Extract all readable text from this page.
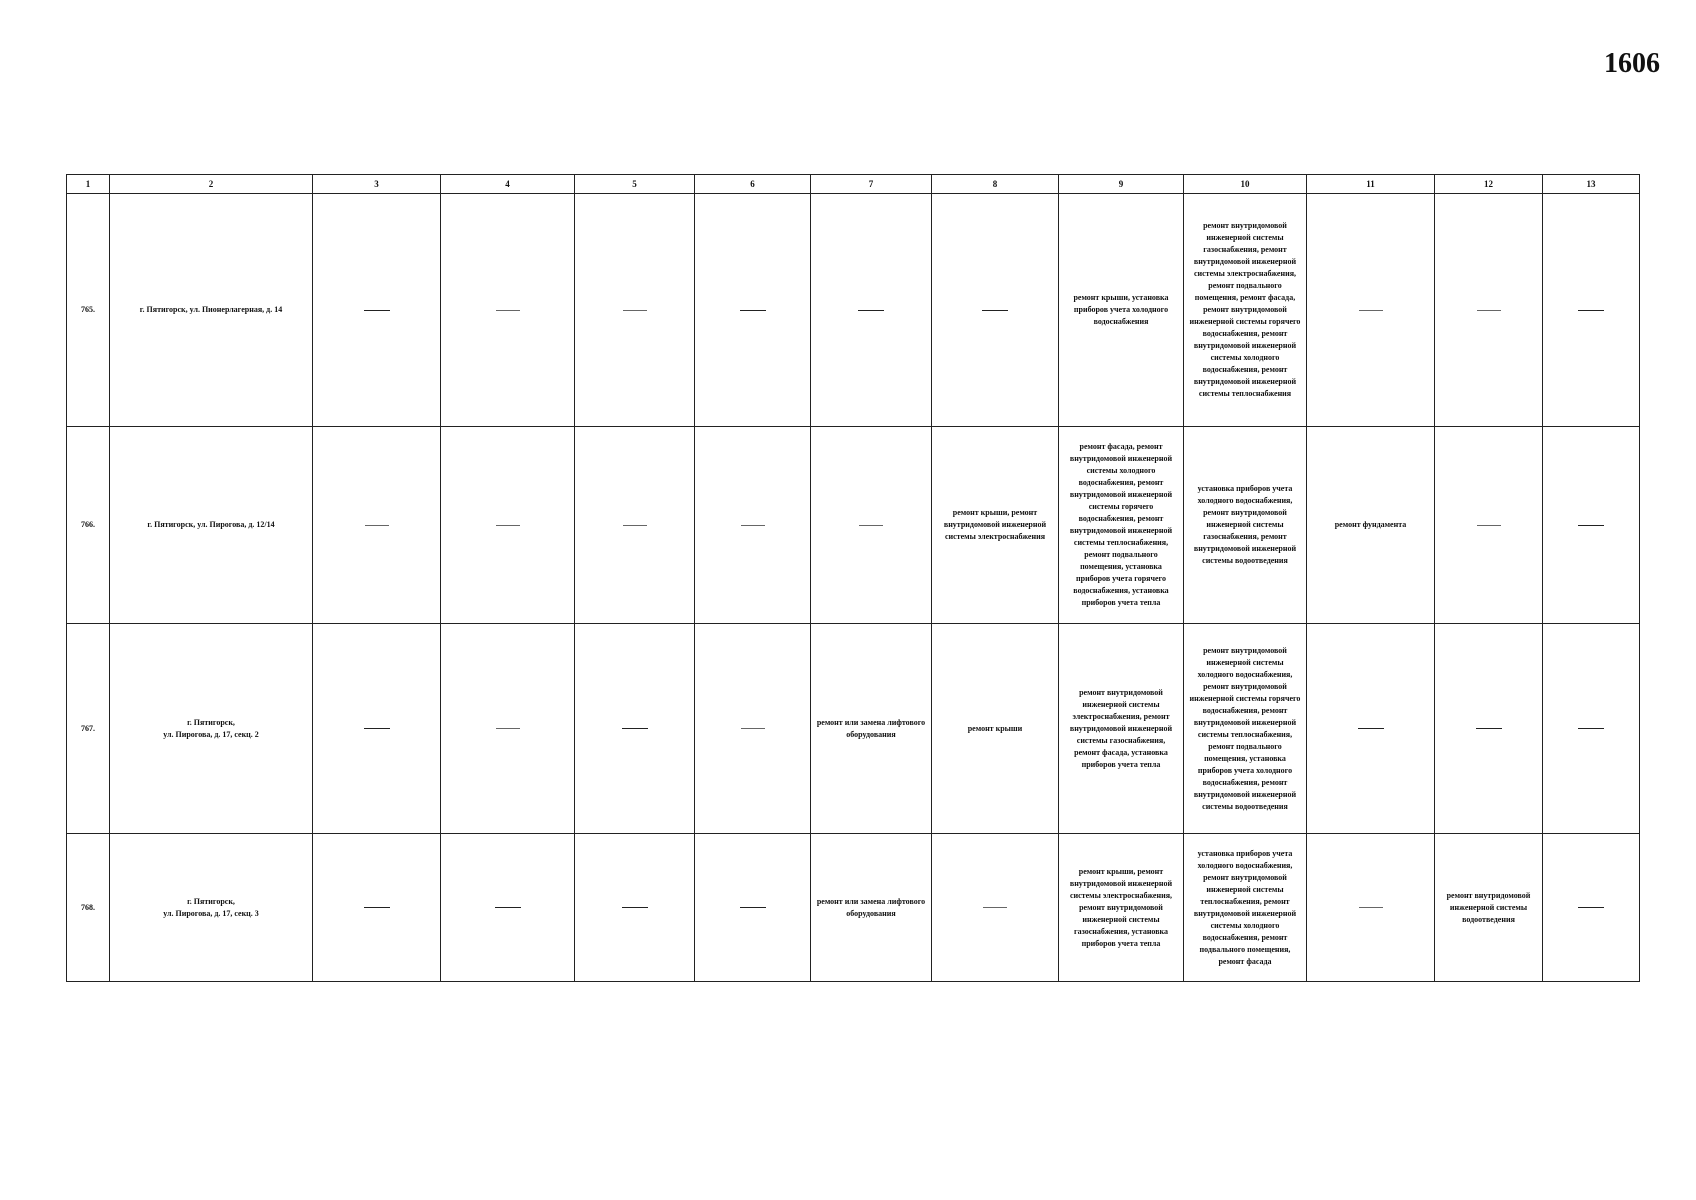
1606
1	2	3	4	5	6	7	8	9	10	11	12	13
765.	г. Пятигорск, ул. Пионерлагерная, д. 14							ремонт крыши, установка приборов учета холодного водоснабжения	ремонт внутридомовой инженерной системы газоснабжения, ремонт внутридомовой инженерной системы электроснабжения, ремонт подвального помещения, ремонт фасада, ремонт внутридомовой инженерной системы горячего водоснабжения, ремонт внутридомовой инженерной системы холодного водоснабжения, ремонт внутридомовой инженерной системы теплоснабжения			

766.	г. Пятигорск, ул. Пирогова, д. 12/14						ремонт крыши, ремонт внутридомовой инженерной системы электроснабжения	ремонт фасада, ремонт внутридомовой инженерной системы холодного водоснабжения, ремонт внутридомовой инженерной системы горячего водоснабжения, ремонт внутридомовой инженерной системы теплоснабжения, ремонт подвального помещения, установка приборов учета горячего водоснабжения, установка приборов учета тепла	установка приборов учета холодного водоснабжения, ремонт внутридомовой инженерной системы газоснабжения, ремонт внутридомовой инженерной системы водоотведения	ремонт фундамента		

767.	г. Пятигорск,
ул. Пирогова, д. 17, секц. 2					ремонт или замена лифтового оборудования	ремонт крыши	ремонт внутридомовой инженерной системы электроснабжения, ремонт внутридомовой инженерной системы газоснабжения, ремонт фасада, установка приборов учета тепла	ремонт внутридомовой инженерной системы холодного водоснабжения, ремонт внутридомовой инженерной системы горячего водоснабжения, ремонт внутридомовой инженерной системы теплоснабжения, ремонт подвального помещения, установка приборов учета холодного водоснабжения, ремонт внутридомовой инженерной системы водоотведения			

768.	г. Пятигорск,
ул. Пирогова, д. 17, секц. 3					ремонт или замена лифтового оборудования		ремонт крыши, ремонт внутридомовой инженерной системы электроснабжения, ремонт внутридомовой инженерной системы газоснабжения, установка приборов учета тепла	установка приборов учета холодного водоснабжения, ремонт внутридомовой инженерной системы теплоснабжения, ремонт внутридомовой инженерной системы холодного водоснабжения, ремонт подвального помещения, ремонт фасада		ремонт внутридомовой инженерной системы водоотведения	
